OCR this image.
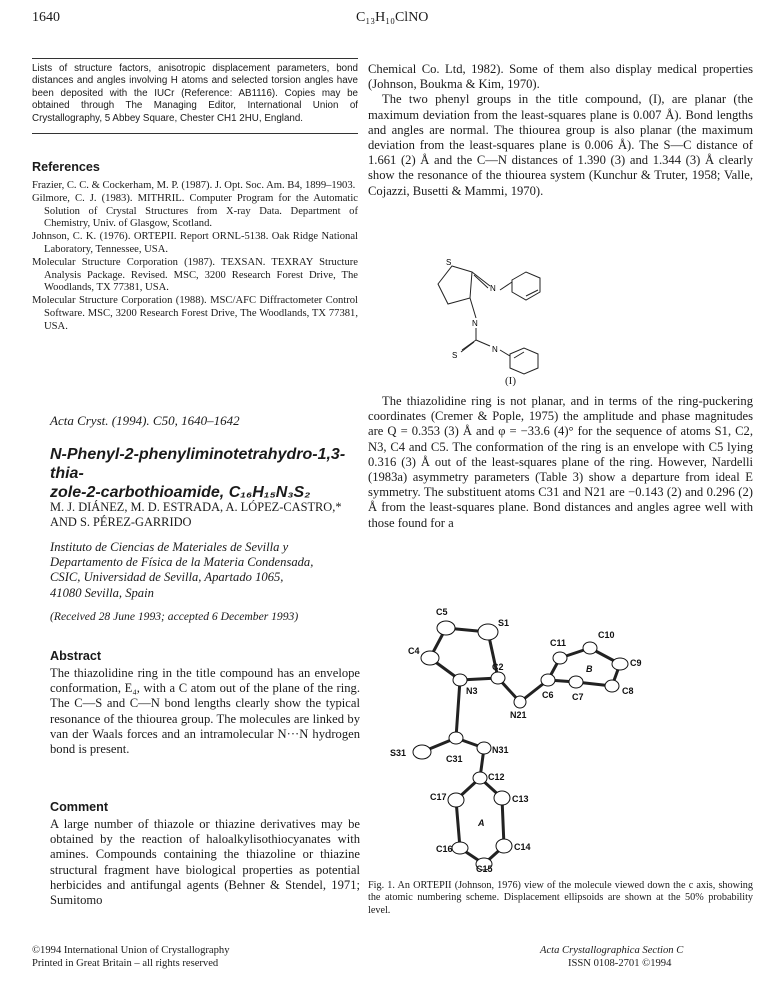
1640	C₁₃H₁₀ClNO

Lists of structure factors, anisotropic displacement parameters, bond distances and angles involving H atoms and selected torsion angles have been deposited with the IUCr (Reference: AB1116). Copies may be obtained through The Managing Editor, International Union of Crystallography, 5 Abbey Square, Chester CH1 2HU, England.

References

Frazier, C. C. & Cockerham, M. P. (1987). J. Opt. Soc. Am. B4, 1899–1903.

Gilmore, C. J. (1983). MITHRIL. Computer Program for the Automatic Solution of Crystal Structures from X-ray Data. Department of Chemistry, Univ. of Glasgow, Scotland.

Johnson, C. K. (1976). ORTEPII. Report ORNL-5138. Oak Ridge National Laboratory, Tennessee, USA.

Molecular Structure Corporation (1987). TEXSAN. TEXRAY Structure Analysis Package. Revised. MSC, 3200 Research Forest Drive, The Woodlands, TX 77381, USA.

Molecular Structure Corporation (1988). MSC/AFC Diffractometer Control Software. MSC, 3200 Research Forest Drive, The Woodlands, TX 77381, USA.

Acta Cryst. (1994). C50, 1640–1642
N-Phenyl-2-phenyliminotetrahydro-1,3-thia-
zole-2-carbothioamide, C₁₆H₁₅N₃S₂
M. J. DIÁNEZ, M. D. ESTRADA, A. LÓPEZ-CASTRO,*
AND S. PÉREZ-GARRIDO
Instituto de Ciencias de Materiales de Sevilla y
Departamento de Física de la Materia Condensada,
CSIC, Universidad de Sevilla, Apartado 1065,
41080 Sevilla, Spain
(Received 28 June 1993; accepted 6 December 1993)
Abstract

The thiazolidine ring in the title compound has an envelope conformation, E₄, with a C atom out of the plane of the ring. The C—S and C—N bond lengths clearly show the typical resonance of the thiourea group. The molecules are linked by van der Waals forces and an intramolecular N···N hydrogen bond is present.

Comment

A large number of thiazole or thiazine derivatives may be obtained by the reaction of haloalkylisothiocyanates with amines. Compounds containing the thiazoline or thiazine structural fragment have biological properties as potential herbicides and antifungal agents (Behner & Stendel, 1971; Sumitomo

©1994 International Union of Crystallography
Printed in Great Britain – all rights reserved

Chemical Co. Ltd, 1982). Some of them also display medical properties (Johnson, Boukma & Kim, 1970).

The two phenyl groups in the title compound, (I), are planar (the maximum deviation from the least-squares plane is 0.007 Å). Bond lengths and angles are normal. The thiourea group is also planar (the maximum deviation from the least-squares plane is 0.006 Å). The S—C distance of 1.661 (2) Å and the C—N distances of 1.390 (3) and 1.344 (3) Å clearly show the resonance of the thiourea system (Kunchur & Truter, 1958; Valle, Cojazzi, Busetti & Mammi, 1970).

S
N
N
N
S
(I)

The thiazolidine ring is not planar, and in terms of the ring-puckering coordinates (Cremer & Pople, 1975) the amplitude and phase magnitudes are Q = 0.353 (3) Å and φ = −33.6 (4)° for the sequence of atoms S1, C2, N3, C4 and C5. The conformation of the ring is an envelope with C5 lying 0.316 (3) Å out of the least-squares plane of the ring. However, Nardelli (1983a) asymmetry parameters (Table 3) show a departure from ideal E symmetry. The substituent atoms C31 and N21 are −0.143 (2) and 0.296 (2) Å from the least-squares plane. Bond distances and angles agree well with those found for a

C5
S1
C4
C2
N3
N21
C6 C7
C8
C9
C10
C11
B
S31
C31
N31
C12
C13
C14
C15
C16
C17
A

Fig. 1. An ORTEPII (Johnson, 1976) view of the molecule viewed down the c axis, showing the atomic numbering scheme. Displacement ellipsoids are shown at the 50% probability level.

Acta Crystallographica Section C
ISSN 0108-2701 ©1994
